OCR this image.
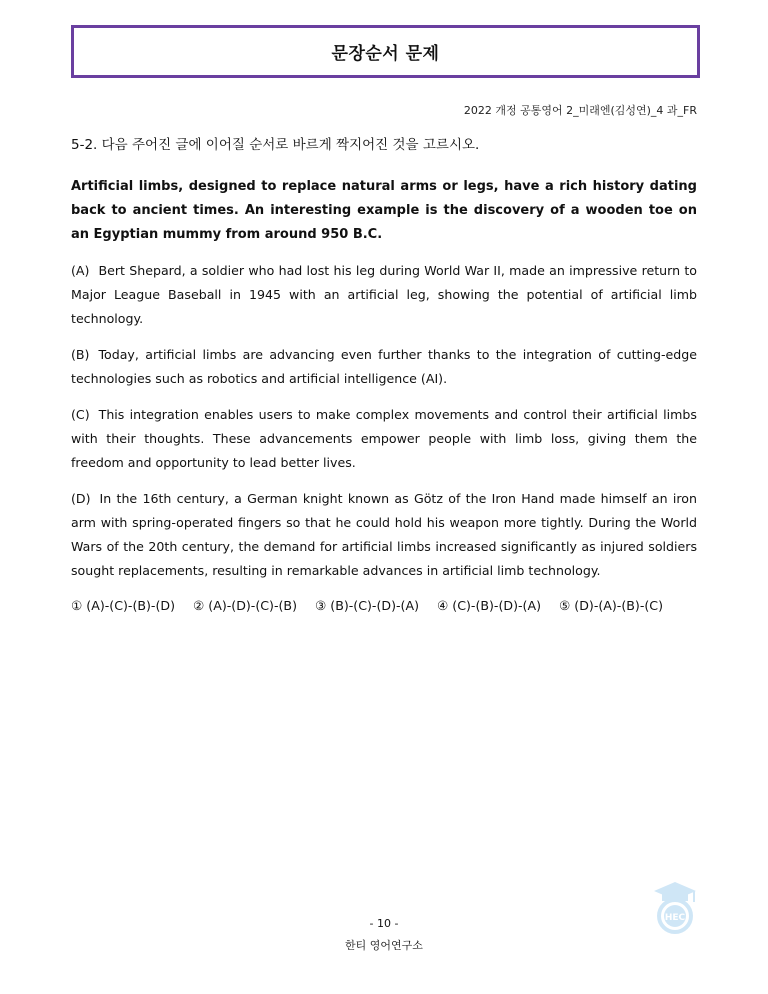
문장순서 문제
2022 개정 공통영어 2_미래엔(김성연)_4 과_FR

5-2. 다음 주어진 글에 이어질 순서로 바르게 짝지어진 것을 고르시오.

Artificial limbs, designed to replace natural arms or legs, have a rich history dating back to ancient times. An interesting example is the discovery of a wooden toe on an Egyptian mummy from around 950 B.C.

(A) Bert Shepard, a soldier who had lost his leg during World War II, made an impressive return to Major League Baseball in 1945 with an artificial leg, showing the potential of artificial limb technology.

(B) Today, artificial limbs are advancing even further thanks to the integration of cutting-edge technologies such as robotics and artificial intelligence (AI).

(C) This integration enables users to make complex movements and control their artificial limbs with their thoughts. These advancements empower people with limb loss, giving them the freedom and opportunity to lead better lives.

(D) In the 16th century, a German knight known as Götz of the Iron Hand made himself an iron arm with spring-operated fingers so that he could hold his weapon more tightly. During the World Wars of the 20th century, the demand for artificial limbs increased significantly as injured soldiers sought replacements, resulting in remarkable advances in artificial limb technology.

① (A)-(C)-(B)-(D) ② (A)-(D)-(C)-(B) ③ (B)-(C)-(D)-(A) ④ (C)-(B)-(D)-(A) ⑤ (D)-(A)-(B)-(C)
- 10 -
한티 영어연구소
HEC
